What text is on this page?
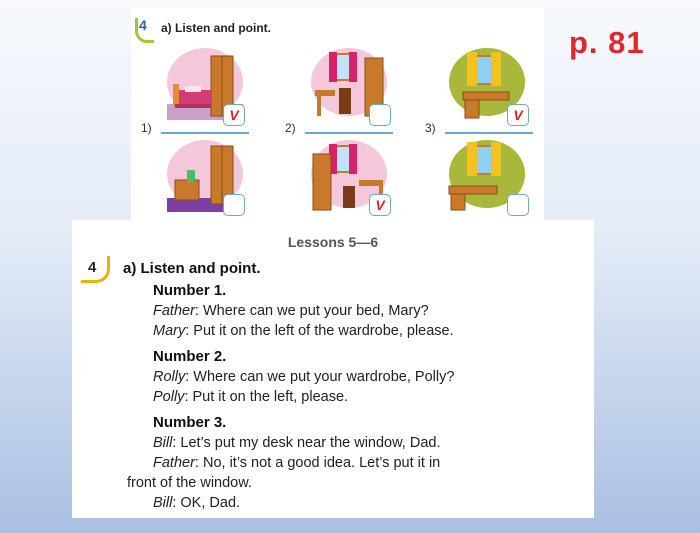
p. 81
4 a) Listen and point.
V
1)	2)
V
V
3)
Lessons 5—6
4 a) Listen and point.
Number 1.
Father: Where can we put your bed, Mary?
Mary: Put it on the left of the wardrobe, please.
Number 2.
Rolly: Where can we put your wardrobe, Polly?
Polly: Put it on the left, please.
Number 3.
Bill: Let’s put my desk near the window, Dad.
Father: No, it’s not a good idea. Let’s put it in
front of the window.
Bill: OK, Dad.
